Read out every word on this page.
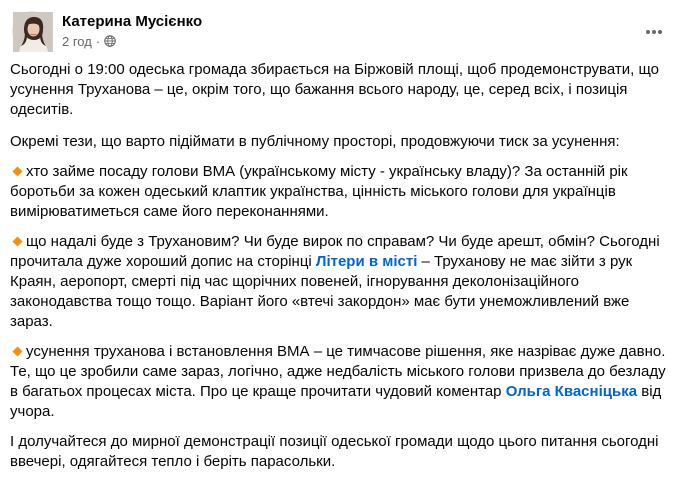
Катерина Мусієнко
2 год ·

Сьогодні о 19:00 одеська громада збирається на Біржовій площі, щоб продемонструвати, що усунення Труханова – це, окрім того, що бажання всього народу, це, серед всіх, і позиція одеситів.

Окремі тези, що варто підіймати в публічному просторі, продовжуючи тиск за усунення:

хто займе посаду голови ВМА (українському місту - українську владу)? За останній рік боротьби за кожен одеський клаптик українства, цінність міського голови для українців вимірюватиметься саме його переконаннями.

що надалі буде з Трухановим? Чи буде вирок по справам? Чи буде арешт, обмін? Сьогодні прочитала дуже хороший допис на сторінці Літери в місті – Труханову не має зійти з рук Краян, аеропорт, смерті під час щорічних повеней, ігнорування деколонізаційного законодавства тощо тощо. Варіант його «втечі закордон» має бути унеможливлений вже зараз.

усунення труханова і встановлення ВМА – це тимчасове рішення, яке назріває дуже давно. Те, що це зробили саме зараз, логічно, адже недбалість міського голови призвела до безладу в багатьох процесах міста. Про це краще прочитати чудовий коментар Ольга Квасніцька від учора.

І долучайтеся до мирної демонстрації позиції одеської громади щодо цього питання сьогодні ввечері, одягайтеся тепло і беріть парасольки.
